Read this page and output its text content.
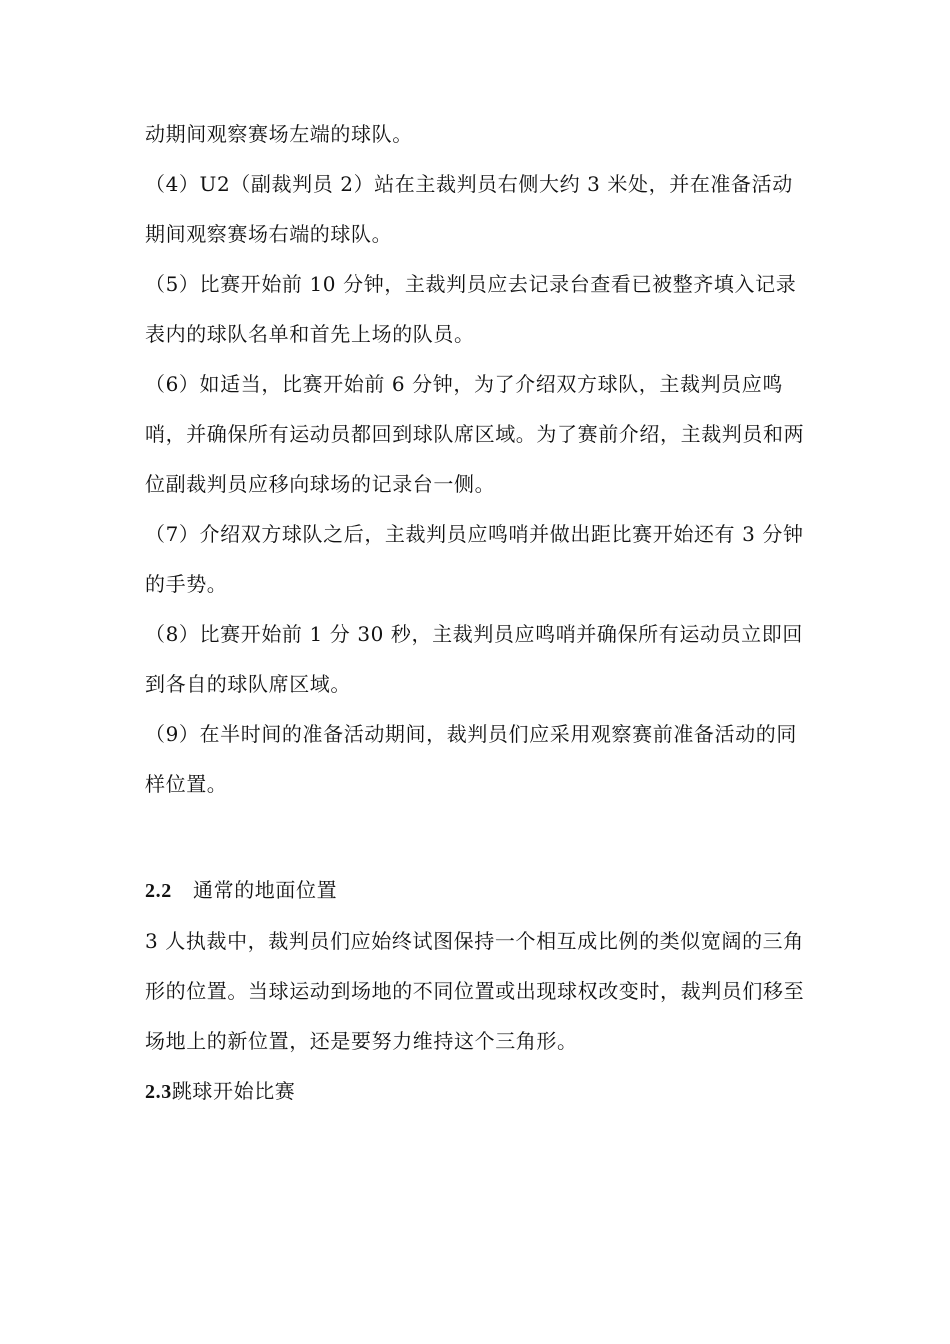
动期间观察赛场左端的球队。

（4）U2（副裁判员 2）站在主裁判员右侧大约 3 米处，并在准备活动期间观察赛场右端的球队。

（5）比赛开始前 10 分钟，主裁判员应去记录台查看已被整齐填入记录表内的球队名单和首先上场的队员。

（6）如适当，比赛开始前 6 分钟，为了介绍双方球队，主裁判员应鸣哨，并确保所有运动员都回到球队席区域。为了赛前介绍，主裁判员和两位副裁判员应移向球场的记录台一侧。

（7）介绍双方球队之后，主裁判员应鸣哨并做出距比赛开始还有 3 分钟的手势。

（8）比赛开始前 1 分 30 秒，主裁判员应鸣哨并确保所有运动员立即回到各自的球队席区域。

（9）在半时间的准备活动期间，裁判员们应采用观察赛前准备活动的同样位置。

2.2 通常的地面位置

3 人执裁中，裁判员们应始终试图保持一个相互成比例的类似宽阔的三角形的位置。当球运动到场地的不同位置或出现球权改变时，裁判员们移至场地上的新位置，还是要努力维持这个三角形。

2.3跳球开始比赛
